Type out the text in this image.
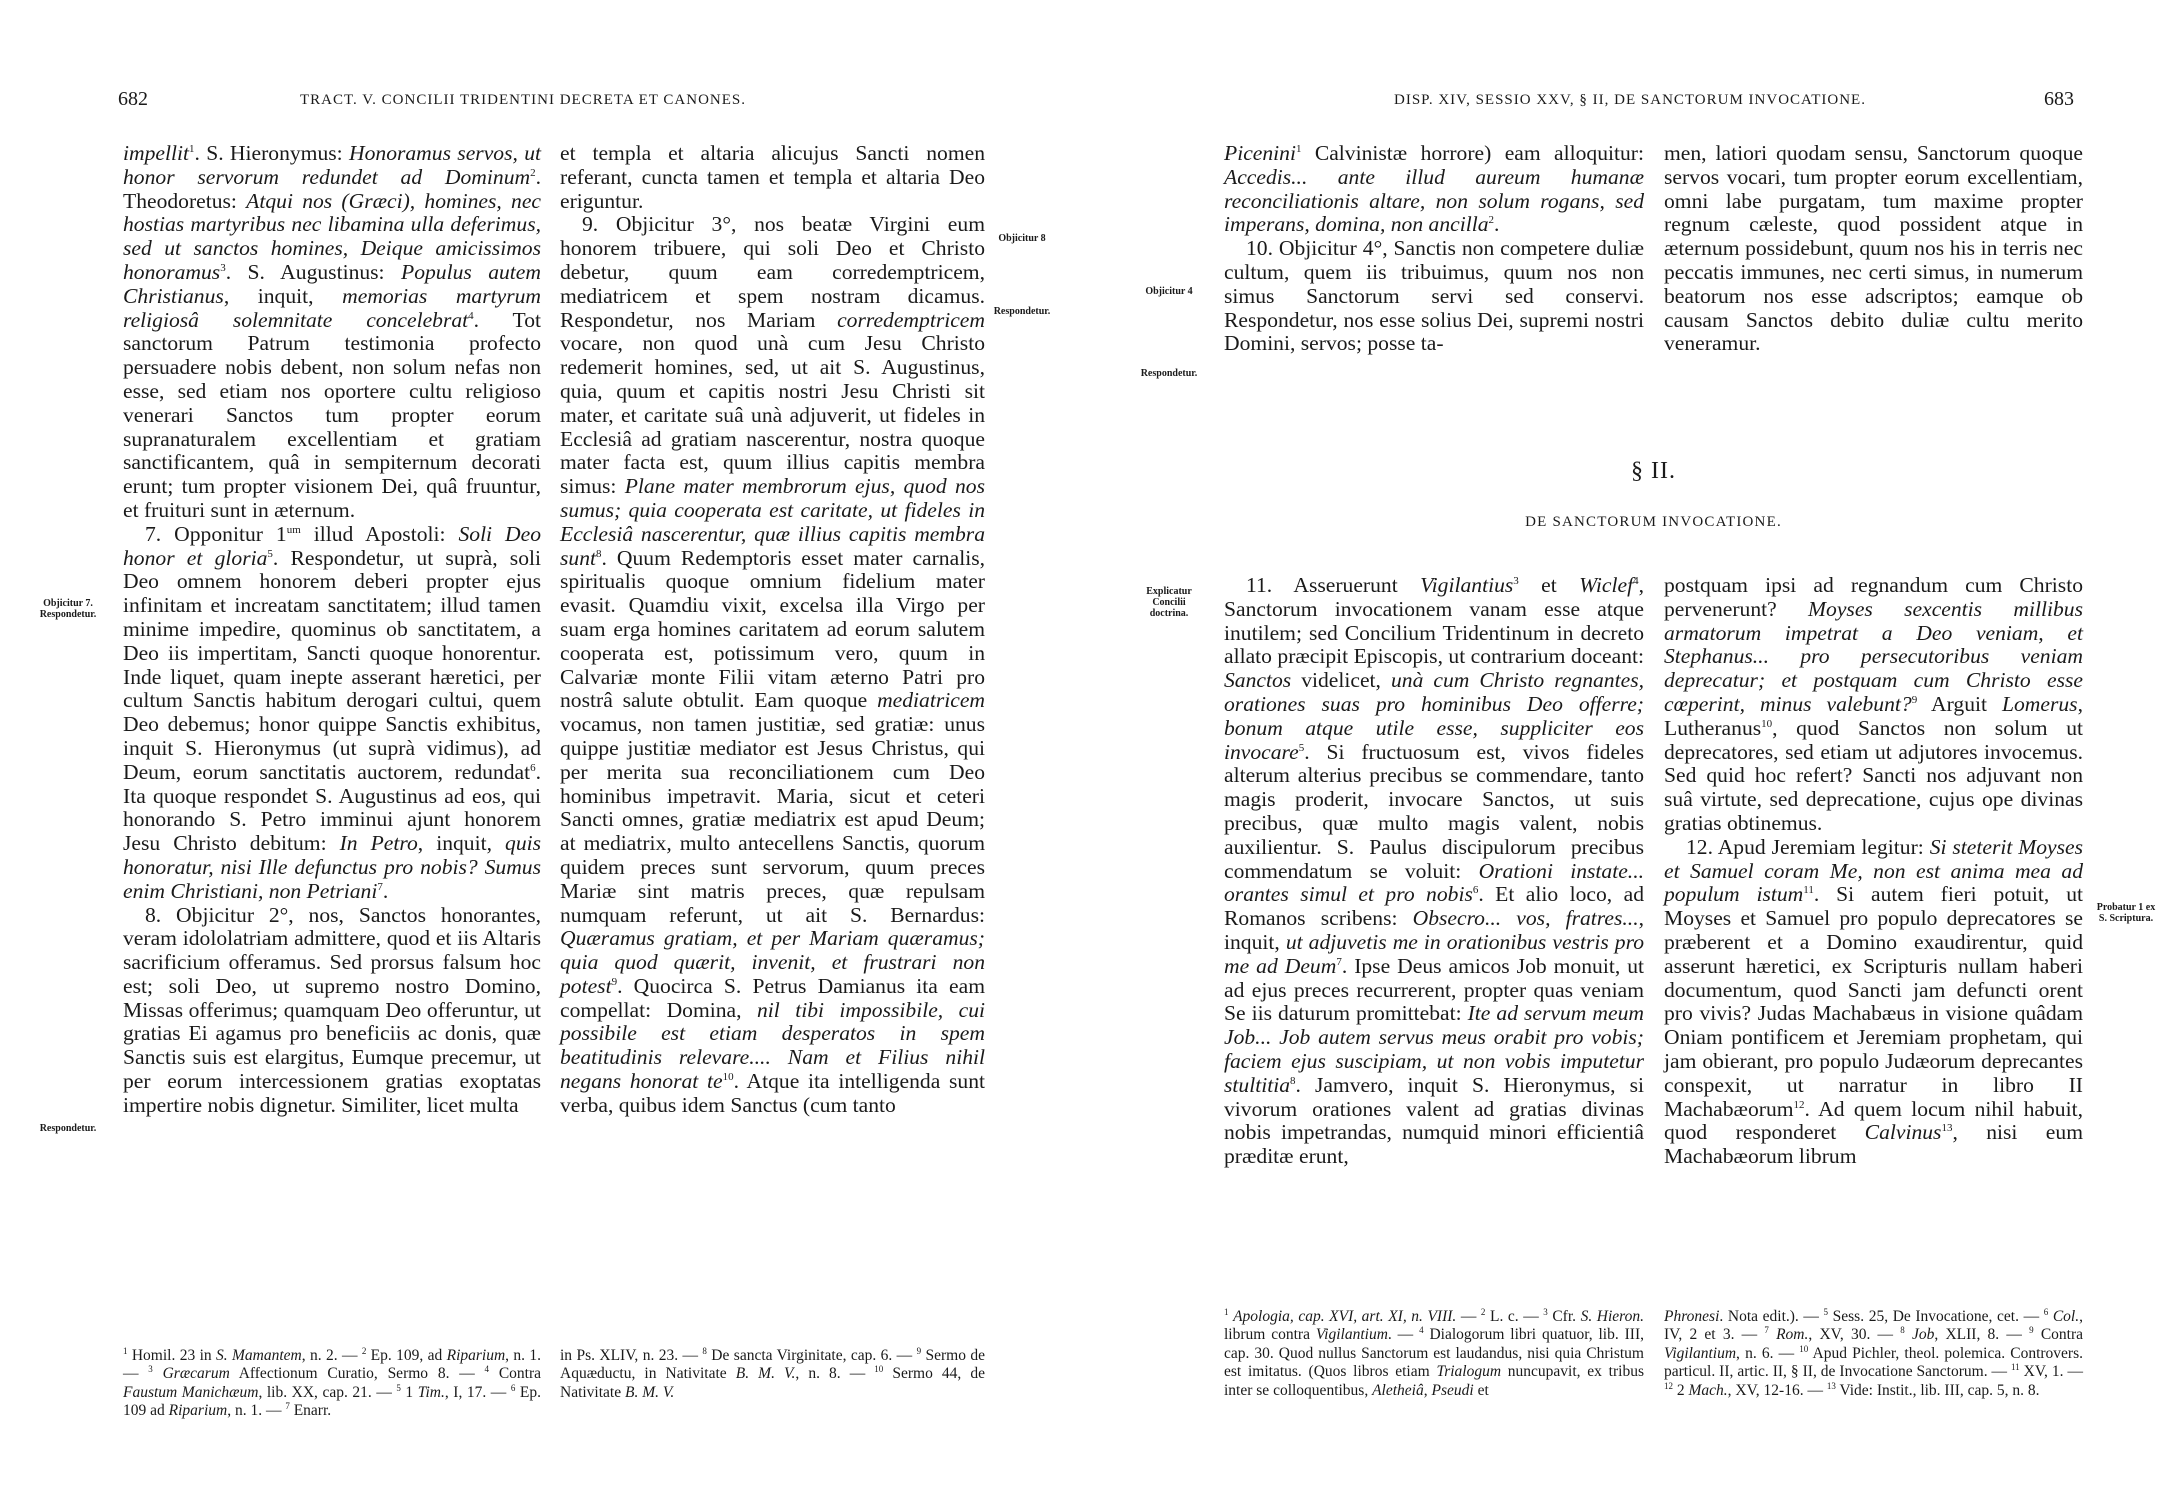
682	TRACT. V. CONCILII TRIDENTINI DECRETA ET CANONES.

impellit$^1$. S. Hieronymus: Honoramus servos, ut honor servorum redundet ad Dominum$^2$. Theodoretus: Atqui nos (Græci), homines, nec hostias martyribus nec libamina ulla deferimus, sed ut sanctos homines, Deique amicissimos honoramus$^3$. S. Augustinus: Populus autem Christianus, inquit, memorias martyrum religiosâ solemnitate concelebrat$^4$. Tot sanctorum Patrum testimonia profecto persuadere nobis debent, non solum nefas non esse, sed etiam nos oportere cultu religioso venerari Sanctos tum propter eorum supranaturalem excellentiam et gratiam sanctificantem, quâ in sempiternum decorati erunt; tum propter visionem Dei, quâ fruuntur, et fruituri sunt in æternum.

7. Opponitur $1^{um}$ illud Apostoli: Soli Deo honor et gloria$^5$. Respondetur, ut suprà, soli Deo omnem honorem deberi propter ejus infinitam et increatam sanctitatem; illud tamen minime impedire, quominus ob sanctitatem, a Deo iis impertitam, Sancti quoque honorentur. Inde liquet, quam inepte asserant hæretici, per cultum Sanctis habitum derogari cultui, quem Deo debemus; honor quippe Sanctis exhibitus, inquit S. Hieronymus (ut suprà vidimus), ad Deum, eorum sanctitatis auctorem, redundat$^6$. Ita quoque respondet S. Augustinus ad eos, qui honorando S. Petro imminui ajunt honorem Jesu Christo debitum: In Petro, inquit, quis honoratur, nisi Ille defunctus pro nobis? Sumus enim Christiani, non Petriani$^7$.

8. Objicitur 2°, nos, Sanctos honorantes, veram idololatriam admittere, quod et iis Altaris sacrificium offeramus. Sed prorsus falsum hoc est; soli Deo, ut supremo nostro Domino, Missas offerimus; quamquam Deo offeruntur, ut gratias Ei agamus pro beneficiis ac donis, quæ Sanctis suis est elargitus, Eumque precemur, ut per eorum intercessionem gratias exoptatas impertire nobis dignetur. Similiter, licet multa

$^1$ Homil. 23 in S. Mamantem, n. 2. — $^2$ Ep. 109, ad Riparium, n. 1. — $^3$ Græcarum Affectionum Curatio, Sermo 8. — $^4$ Contra Faustum Manichæum, lib. XX, cap. 21. — $^5$ 1 Tim., I, 17. — $^6$ Ep. 109 ad Riparium, n. 1. — $^7$ Enarr.

et templa et altaria alicujus Sancti nomen referant, cuncta tamen et templa et altaria Deo eriguntur.

9. Objicitur 3°, nos beatæ Virgini eum honorem tribuere, qui soli Deo et Christo debetur, quum eam corredemptricem, mediatricem et spem nostram dicamus. Respondetur, nos Mariam corredemptricem vocare, non quod unà cum Jesu Christo redemerit homines, sed, ut ait S. Augustinus, quia, quum et capitis nostri Jesu Christi sit mater, et caritate suâ unà adjuverit, ut fideles in Ecclesiâ ad gratiam nascerentur, nostra quoque mater facta est, quum illius capitis membra simus: Plane mater membrorum ejus, quod nos sumus; quia cooperata est caritate, ut fideles in Ecclesiâ nascerentur, quæ illius capitis membra sunt$^8$. Quum Redemptoris esset mater carnalis, spiritualis quoque omnium fidelium mater evasit. Quamdiu vixit, excelsa illa Virgo per suam erga homines caritatem ad eorum salutem cooperata est, potissimum vero, quum in Calvariæ monte Filii vitam æterno Patri pro nostrâ salute obtulit. Eam quoque mediatricem vocamus, non tamen justitiæ, sed gratiæ: unus quippe justitiæ mediator est Jesus Christus, qui per merita sua reconciliationem cum Deo hominibus impetravit. Maria, sicut et ceteri Sancti omnes, gratiæ mediatrix est apud Deum; at mediatrix, multo antecellens Sanctis, quorum quidem preces sunt servorum, quum preces Mariæ sint matris preces, quæ repulsam numquam referunt, ut ait S. Bernardus: Quæramus gratiam, et per Mariam quæramus; quia quod quærit, invenit, et frustrari non potest$^9$. Quocirca S. Petrus Damianus ita eam compellat: Domina, nil tibi impossibile, cui possibile est etiam desperatos in spem beatitudinis relevare.... Nam et Filius nihil negans honorat $te^{10}$. Atque ita intelligenda sunt verba, quibus idem Sanctus (cum tanto

in Ps. XLIV, n. 23. — $^8$ De sancta Virginitate, cap. 6. — $^9$ Sermo de Aquæductu, in Nativitate B. M. V., n. 8. — $^{10}$ Sermo 44, de Nativitate B. M. V.
Objicitur 7. Respondetur.
Respondetur.
Objicitur 8
Respondetur.
DISP. XIV, SESSIO XXV, § II, DE SANCTORUM INVOCATIONE.	683

Picenini$^1$ Calvinistæ horrore) eam alloquitur: Accedis... ante illud aureum humanæ reconciliationis altare, non solum rogans, sed imperans, domina, non ancilla$^2$.

10. Objicitur 4°, Sanctis non competere duliæ cultum, quem iis tribuimus, quum nos non simus Sanctorum servi sed conservi. Respondetur, nos esse solius Dei, supremi nostri Domini, servos; posse ta-

men, latiori quodam sensu, Sanctorum quoque servos vocari, tum propter eorum excellentiam, omni labe purgatam, tum maxime propter regnum cæleste, quod possident atque in æternum possidebunt, quum nos his in terris nec peccatis immunes, nec certi simus, in numerum beatorum nos esse adscriptos; eamque ob causam Sanctos debito duliæ cultu merito veneramur.

§ II.
DE SANCTORUM INVOCATIONE.

11. Asseruerunt Vigilantius$^3$ et Wiclef$^4$, Sanctorum invocationem vanam esse atque inutilem; sed Concilium Tridentinum in decreto allato præcipit Episcopis, ut contrarium doceant: Sanctos videlicet, unà cum Christo regnantes, orationes suas pro hominibus Deo offerre; bonum atque utile esse, suppliciter eos invocare$^5$. Si fructuosum est, vivos fideles alterum alterius precibus se commendare, tanto magis proderit, invocare Sanctos, ut suis precibus, quæ multo magis valent, nobis auxilientur. S. Paulus discipulorum precibus commendatum se voluit: Orationi instate... orantes simul et pro nobis$^6$. Et alio loco, ad Romanos scribens: Obsecro... vos, fratres..., inquit, ut adjuvetis me in orationibus vestris pro me ad Deum$^7$. Ipse Deus amicos Job monuit, ut ad ejus preces recurrerent, propter quas veniam Se iis daturum promittebat: Ite ad servum meum Job... Job autem servus meus orabit pro vobis; faciem ejus suscipiam, ut non vobis imputetur stultitia$^8$. Jamvero, inquit S. Hieronymus, si vivorum orationes valent ad gratias divinas nobis impetrandas, numquid minori efficientiâ præditæ erunt,

$^1$ Apologia, cap. XVI, art. XI, n. VIII. — $^2$ L. c. — $^3$ Cfr. S. Hieron. librum contra Vigilantium. — $^4$ Dialogorum libri quatuor, lib. III, cap. 30. Quod nullus Sanctorum est laudandus, nisi quia Christum est imitatus. (Quos libros etiam Trialogum nuncupavit, ex tribus inter se colloquentibus, Aletheiâ, Pseudi et

postquam ipsi ad regnandum cum Christo pervenerunt? Moyses sexcentis millibus armatorum impetrat a Deo veniam, et Stephanus... pro persecutoribus veniam deprecatur; et postquam cum Christo esse cœperint, minus valebunt?$^9$ Arguit Lomerus, Lutheranus$^{10}$, quod Sanctos non solum ut deprecatores, sed etiam ut adjutores invocemus. Sed quid hoc refert? Sancti nos adjuvant non suâ virtute, sed deprecatione, cujus ope divinas gratias obtinemus.

12. Apud Jeremiam legitur: Si steterit Moyses et Samuel coram Me, non est anima mea ad populum istum$^{11}$. Si autem fieri potuit, ut Moyses et Samuel pro populo deprecatores se præberent et a Domino exaudirentur, quid asserunt hæretici, ex Scripturis nullam haberi documentum, quod Sancti jam defuncti orent pro vivis? Judas Machabæus in visione quâdam Oniam pontificem et Jeremiam prophetam, qui jam obierant, pro populo Judæorum deprecantes conspexit, ut narratur in libro II Machabæorum$^{12}$. Ad quem locum nihil habuit, quod responderet Calvinus$^{13}$, nisi eum Machabæorum librum

Phronesi. Nota edit.). — $^5$ Sess. 25, De Invocatione, cet. — $^6$ Col., IV, 2 et 3. — $^7$ Rom., XV, 30. — $^8$ Job, XLII, 8. — $^9$ Contra Vigilantium, n. 6. — $^{10}$ Apud Pichler, theol. polemica. Controvers. particul. II, artic. II, § II, de Invocatione Sanctorum. — $^{11}$ XV, 1. — $^{12}$ 2 Mach., XV, 12-16. — $^{13}$ Vide: Instit., lib. III, cap. 5, n. 8.
Objicitur 4
Respondetur.
Explicatur Concilii doctrina.
Probatur 1 ex S. Scriptura.
